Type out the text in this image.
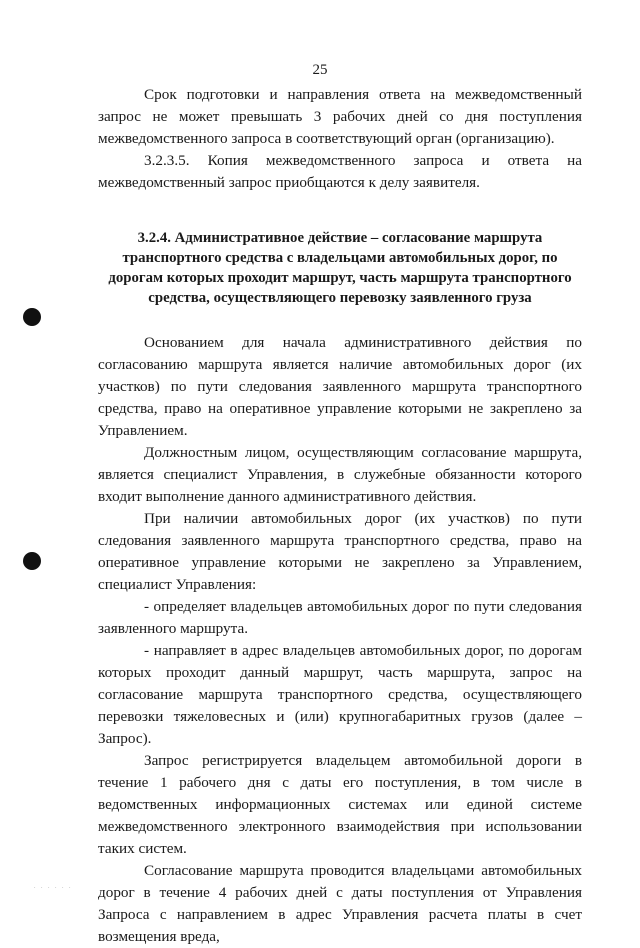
25

Срок подготовки и направления ответа на межведомственный запрос не может превышать 3 рабочих дней со дня поступления межведомственного запроса в соответствующий орган (организацию).

3.2.3.5. Копия межведомственного запроса и ответа на межведомственный запрос приобщаются к делу заявителя.

3.2.4. Административное действие – согласование маршрута транспортного средства с владельцами автомобильных дорог, по дорогам которых проходит маршрут, часть маршрута транспортного средства, осуществляющего перевозку заявленного груза

Основанием для начала административного действия по согласованию маршрута является наличие автомобильных дорог (их участков) по пути следования заявленного маршрута транспортного средства, право на оперативное управление которыми не закреплено за Управлением.

Должностным лицом, осуществляющим согласование маршрута, является специалист Управления, в служебные обязанности которого входит выполнение данного административного действия.

При наличии автомобильных дорог (их участков) по пути следования заявленного маршрута транспортного средства, право на оперативное управление которыми не закреплено за Управлением, специалист Управления:

- определяет владельцев автомобильных дорог по пути следования заявленного маршрута.

- направляет в адрес владельцев автомобильных дорог, по дорогам которых проходит данный маршрут, часть маршрута, запрос на согласование маршрута транспортного средства, осуществляющего перевозки тяжеловесных и (или) крупногабаритных грузов (далее – Запрос).

Запрос регистрируется владельцем автомобильной дороги в течение 1 рабочего дня с даты его поступления, в том числе в ведомственных информационных системах или единой системе межведомственного электронного взаимодействия при использовании таких систем.

Согласование маршрута проводится владельцами автомобильных дорог в течение 4 рабочих дней с даты поступления от Управления Запроса с направлением в адрес Управления расчета платы в счет возмещения вреда,

. . . . . .
